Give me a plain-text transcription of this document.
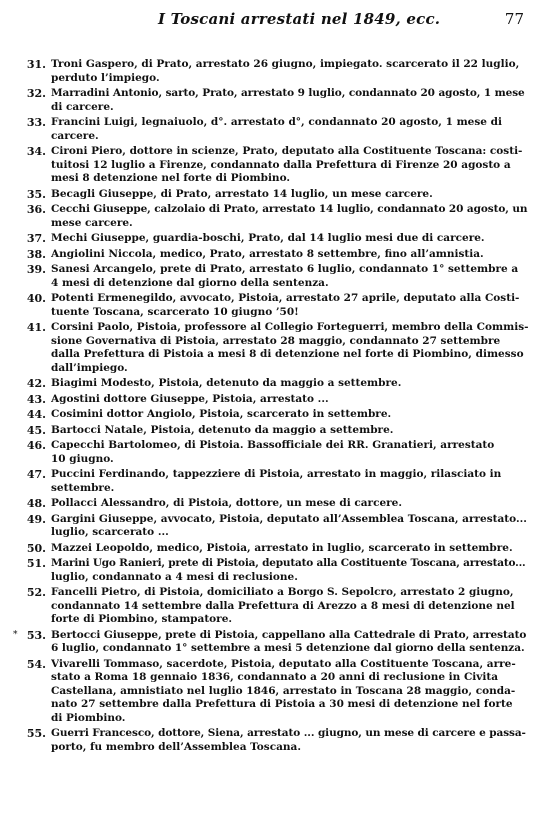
I Toscani arrestati nel 1849, ecc.	77
31. Troni Gaspero, di Prato, arrestato 26 giugno, impiegato. scarcerato il 22 luglio,
perduto l’impiego.
32. Marradini Antonio, sarto, Prato, arrestato 9 luglio, condannato 20 agosto, 1 mese
di carcere.
33. Francini Luigi, legnaiuolo, d°. arrestato d°, condannato 20 agosto, 1 mese di
carcere.
34. Cironi Piero, dottore in scienze, Prato, deputato alla Costituente Toscana: costi-
tuitosi 12 luglio a Firenze, condannato dalla Prefettura di Firenze 20 agosto a
mesi 8 detenzione nel forte di Piombino.
35. Becagli Giuseppe, di Prato, arrestato 14 luglio, un mese carcere.
36. Cecchi Giuseppe, calzolaio di Prato, arrestato 14 luglio, condannato 20 agosto, un
mese carcere.
37. Mechi Giuseppe, guardia-boschi, Prato, dal 14 luglio mesi due di carcere.
38. Angiolini Niccola, medico, Prato, arrestato 8 settembre, fino all’amnistia.
39. Sanesi Arcangelo, prete di Prato, arrestato 6 luglio, condannato 1° settembre a
4 mesi di detenzione dal giorno della sentenza.
40. Potenti Ermenegildo, avvocato, Pistoia, arrestato 27 aprile, deputato alla Costi-
tuente Toscana, scarcerato 10 giugno ’50!
41. Corsini Paolo, Pistoia, professore al Collegio Forteguerri, membro della Commis-
sione Governativa di Pistoia, arrestato 28 maggio, condannato 27 settembre
dalla Prefettura di Pistoia a mesi 8 di detenzione nel forte di Piombino, dimesso
dall’impiego.
42. Biagimi Modesto, Pistoia, detenuto da maggio a settembre.
43. Agostini dottore Giuseppe, Pistoia, arrestato ...
44. Cosimini dottor Angiolo, Pistoia, scarcerato in settembre.
45. Bartocci Natale, Pistoia, detenuto da maggio a settembre.
46. Capecchi Bartolomeo, di Pistoia. Bassofficiale dei RR. Granatieri, arrestato
10 giugno.
47. Puccini Ferdinando, tappezziere di Pistoia, arrestato in maggio, rilasciato in
settembre.
48. Pollacci Alessandro, di Pistoia, dottore, un mese di carcere.
49. Gargini Giuseppe, avvocato, Pistoia, deputato all’Assemblea Toscana, arrestato...
luglio, scarcerato ...
50. Mazzei Leopoldo, medico, Pistoia, arrestato in luglio, scarcerato in settembre.
51. Marini Ugo Ranieri, prete di Pistoia, deputato alla Costituente Toscana, arrestato...
luglio, condannato a 4 mesi di reclusione.
52. Fancelli Pietro, di Pistoia, domiciliato a Borgo S. Sepolcro, arrestato 2 giugno,
condannato 14 settembre dalla Prefettura di Arezzo a 8 mesi di detenzione nel
forte di Piombino, stampatore.
* 53. Bertocci Giuseppe, prete di Pistoia, cappellano alla Cattedrale di Prato, arrestato
6 luglio, condannato 1° settembre a mesi 5 detenzione dal giorno della sentenza.
54. Vivarelli Tommaso, sacerdote, Pistoia, deputato alla Costituente Toscana, arre-
stato a Roma 18 gennaio 1836, condannato a 20 anni di reclusione in Civita
Castellana, amnistiato nel luglio 1846, arrestato in Toscana 28 maggio, conda-
nato 27 settembre dalla Prefettura di Pistoia a 30 mesi di detenzione nel forte
di Piombino.
55. Guerri Francesco, dottore, Siena, arrestato ... giugno, un mese di carcere e passa-
porto, fu membro dell’Assemblea Toscana.
